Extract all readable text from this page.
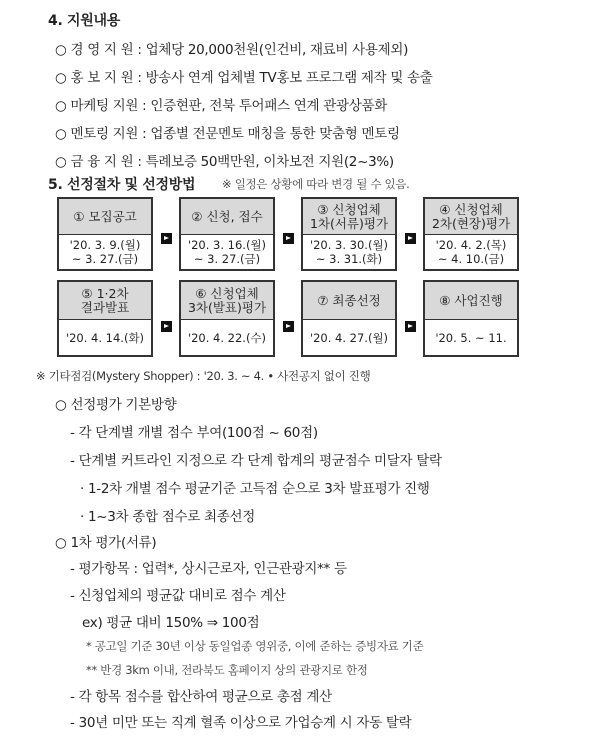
4. 지원내용
○ 경 영 지 원 : 업체당 20,000천원(인건비, 재료비 사용제외)
○ 홍 보 지 원 : 방송사 연계 업체별 TV홍보 프로그램 제작 및 송출
○ 마케팅 지원 : 인증현판, 전북 투어패스 연계 관광상품화
○ 멘토링 지원 : 업종별 전문멘토 매칭을 통한 맞춤형 멘토링
○ 금 융 지 원 : 특례보증 50백만원, 이차보전 지원(2~3%)
5. 선정절차 및 선정방법 ※ 일정은 상황에 따라 변경 될 수 있음.
① 모집공고
'20. 3. 9.(월)
~ 3. 27.(금)
② 신청, 접수
'20. 3. 16.(월)
~ 3. 27.(금)
③ 신청업체
1차(서류)평가
'20. 3. 30.(월)
~ 3. 31.(화)
④ 신청업체
2차(현장)평가
'20. 4. 2.(목)
~ 4. 10.(금)
⑤ 1·2차
결과발표
'20. 4. 14.(화)
⑥ 신청업체
3차(발표)평가
'20. 4. 22.(수)
⑦ 최종선정
'20. 4. 27.(월)
⑧ 사업진행
'20. 5. ~ 11.
※ 기타점검(Mystery Shopper) : '20. 3. ~ 4. • 사전공지 없이 진행
○ 선정평가 기본방향
- 각 단계별 개별 점수 부여(100점 ~ 60점)
- 단계별 커트라인 지정으로 각 단계 합계의 평균점수 미달자 탈락
· 1-2차 개별 점수 평균기준 고득점 순으로 3차 발표평가 진행
· 1~3차 종합 점수로 최종선정
○ 1차 평가(서류)
- 평가항목 : 업력*, 상시근로자, 인근관광지** 등
- 신청업체의 평균값 대비로 점수 계산
ex) 평균 대비 150% ⇒ 100점
* 공고일 기준 30년 이상 동일업종 영위중, 이에 준하는 증빙자료 기준
** 반경 3km 이내, 전라북도 홈페이지 상의 관광지로 한정
- 각 항목 점수를 합산하여 평균으로 총점 계산
- 30년 미만 또는 직계 혈족 이상으로 가업승계 시 자동 탈락
